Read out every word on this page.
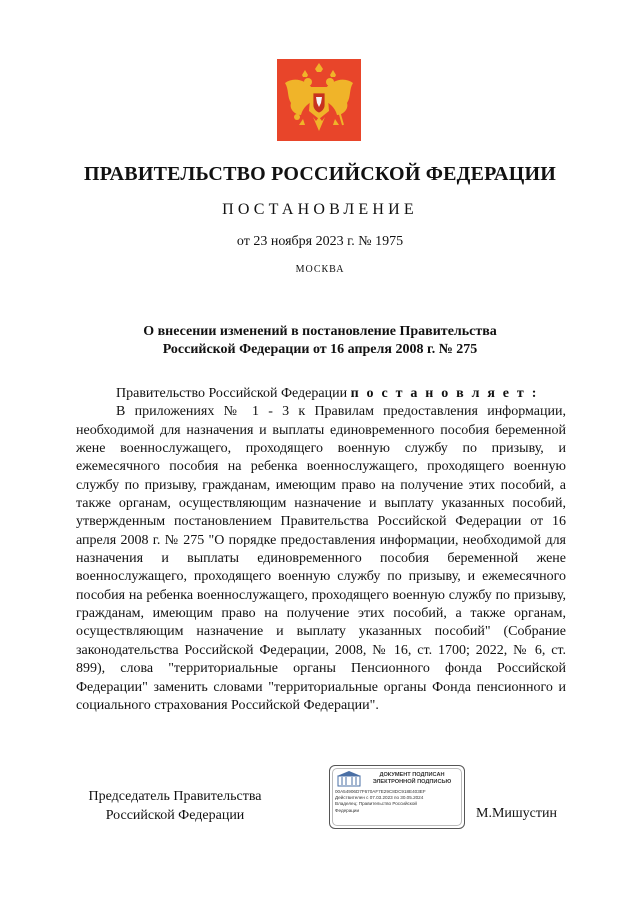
ПРАВИТЕЛЬСТВО РОССИЙСКОЙ ФЕДЕРАЦИИ
ПОСТАНОВЛЕНИЕ
от 23 ноября 2023 г. № 1975
МОСКВА
О внесении изменений в постановление Правительства
Российской Федерации от 16 апреля 2008 г. № 275

Правительство Российской Федерации п о с т а н о в л я е т :

В приложениях № 1 - 3 к Правилам предоставления информации, необходимой для назначения и выплаты единовременного пособия беременной жене военнослужащего, проходящего военную службу по призыву, и ежемесячного пособия на ребенка военнослужащего, проходящего военную службу по призыву, гражданам, имеющим право на получение этих пособий, а также органам, осуществляющим назначение и выплату указанных пособий, утвержденным постановлением Правительства Российской Федерации от 16 апреля 2008 г. № 275 "О порядке предоставления информации, необходимой для назначения и выплаты единовременного пособия беременной жене военнослужащего, проходящего военную службу по призыву, и ежемесячного пособия на ребенка военнослужащего, проходящего военную службу по призыву, гражданам, имеющим право на получение этих пособий, а также органам, осуществляющим назначение и выплату указанных пособий" (Собрание законодательства Российской Федерации, 2008, № 16, ст. 1700; 2022, № 6, ст. 899), слова "территориальные органы Пенсионного фонда Российской Федерации" заменить словами "территориальные органы Фонда пенсионного и социального страхования Российской Федерации".

Председатель Правительства
Российской Федерации
ДОКУМЕНТ ПОДПИСАН
ЭЛЕКТРОННОЙ ПОДПИСЬЮ
00A54906D7F670AF7E29C8DC918E403EF
Действителен с 07.03.2023 по 30.05.2024
Владелец: Правительство Российской
Федерации	М.Мишустин
